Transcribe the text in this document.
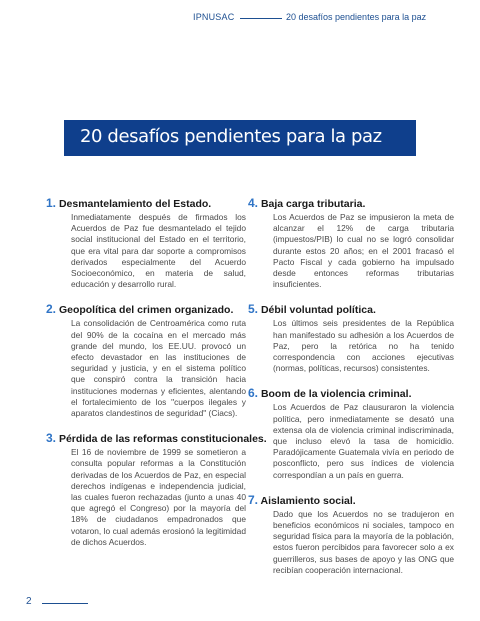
IPNUSAC	20 desafíos pendientes para la paz
20 desafíos pendientes para la paz
1. Desmantelamiento del Estado.
Inmediatamente después de firmados los Acuerdos de Paz fue desmantelado el tejido social institucional del Estado en el territorio, que era vital para dar soporte a compromisos derivados especialmente del Acuerdo Socioeconómico, en materia de salud, educación y desarrollo rural.
2. Geopolítica del crimen organizado.
La consolidación de Centroamérica como ruta del 90% de la cocaína en el mercado más grande del mundo, los EE.UU. provocó un efecto devastador en las instituciones de seguridad y justicia, y en el sistema político que conspiró contra la transición hacia instituciones modernas y eficientes, alentando el fortalecimiento de los "cuerpos ilegales y aparatos clandestinos de seguridad" (Ciacs).
3. Pérdida de las reformas constitucionales.
El 16 de noviembre de 1999 se sometieron a consulta popular reformas a la Constitución derivadas de los Acuerdos de Paz, en especial derechos indígenas e independencia judicial, las cuales fueron rechazadas (junto a unas 40 que agregó el Congreso) por la mayoría del 18% de ciudadanos empadronados que votaron, lo cual además erosionó la legitimidad de dichos Acuerdos.
4. Baja carga tributaria.
Los Acuerdos de Paz se impusieron la meta de alcanzar el 12% de carga tributaria (impuestos/PIB) lo cual no se logró consolidar durante estos 20 años; en el 2001 fracasó el Pacto Fiscal y cada gobierno ha impulsado desde entonces reformas tributarias insuficientes.
5. Débil voluntad política.
Los últimos seis presidentes de la República han manifestado su adhesión a los Acuerdos de Paz, pero la retórica no ha tenido correspondencia con acciones ejecutivas (normas, políticas, recursos) consistentes.
6. Boom de la violencia criminal.
Los Acuerdos de Paz clausuraron la violencia política, pero inmediatamente se desató una extensa ola de violencia criminal indiscriminada, que incluso elevó la tasa de homicidio. Paradójicamente Guatemala vivía en periodo de posconflicto, pero sus índices de violencia correspondían a un país en guerra.
7. Aislamiento social.
Dado que los Acuerdos no se tradujeron en beneficios económicos ni sociales, tampoco en seguridad física para la mayoría de la población, estos fueron percibidos para favorecer solo a ex guerrilleros, sus bases de apoyo y las ONG que recibían cooperación internacional.
2
